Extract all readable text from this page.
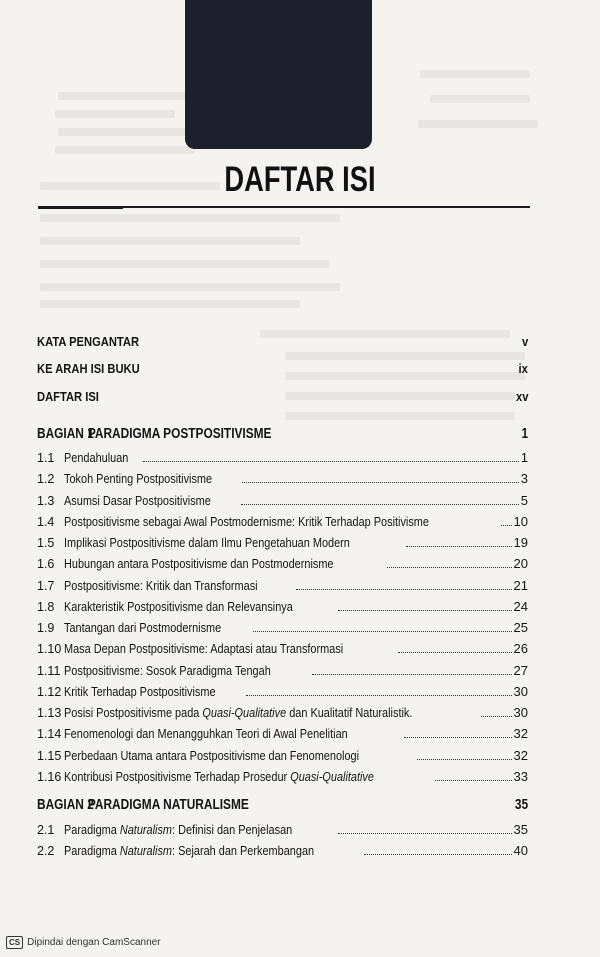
DAFTAR ISI
KATA PENGANTAR	v
KE ARAH ISI BUKU	ix
DAFTAR ISI	xv
BAGIAN 1
PARADIGMA POSTPOSITIVISME	1
1.1 Pendahuluan	1
1.2 Tokoh Penting Postpositivisme	3
1.3 Asumsi Dasar Postpositivisme	5
1.4 Postpositivisme sebagai Awal Postmodernisme: Kritik Terhadap Positivisme	10
1.5 Implikasi Postpositivisme dalam Ilmu Pengetahuan Modern	19
1.6 Hubungan antara Postpositivisme dan Postmodernisme	20
1.7 Postpositivisme: Kritik dan Transformasi	21
1.8 Karakteristik Postpositivisme dan Relevansinya	24
1.9 Tantangan dari Postmodernisme	25
1.10 Masa Depan Postpositivisme: Adaptasi atau Transformasi	26
1.11 Postpositivisme: Sosok Paradigma Tengah	27
1.12 Kritik Terhadap Postpositivisme	30
1.13 Posisi Postpositivisme pada Quasi-Qualitative dan Kualitatif Naturalistik.	30
1.14 Fenomenologi dan Menangguhkan Teori di Awal Penelitian	32
1.15 Perbedaan Utama antara Postpositivisme dan Fenomenologi	32
1.16 Kontribusi Postpositivisme Terhadap Prosedur Quasi-Qualitative	33
BAGIAN 2
PARADIGMA NATURALISME	35
2.1 Paradigma Naturalism: Definisi dan Penjelasan	35
2.2 Paradigma Naturalism: Sejarah dan Perkembangan	40
CS Dipindai dengan CamScanner
